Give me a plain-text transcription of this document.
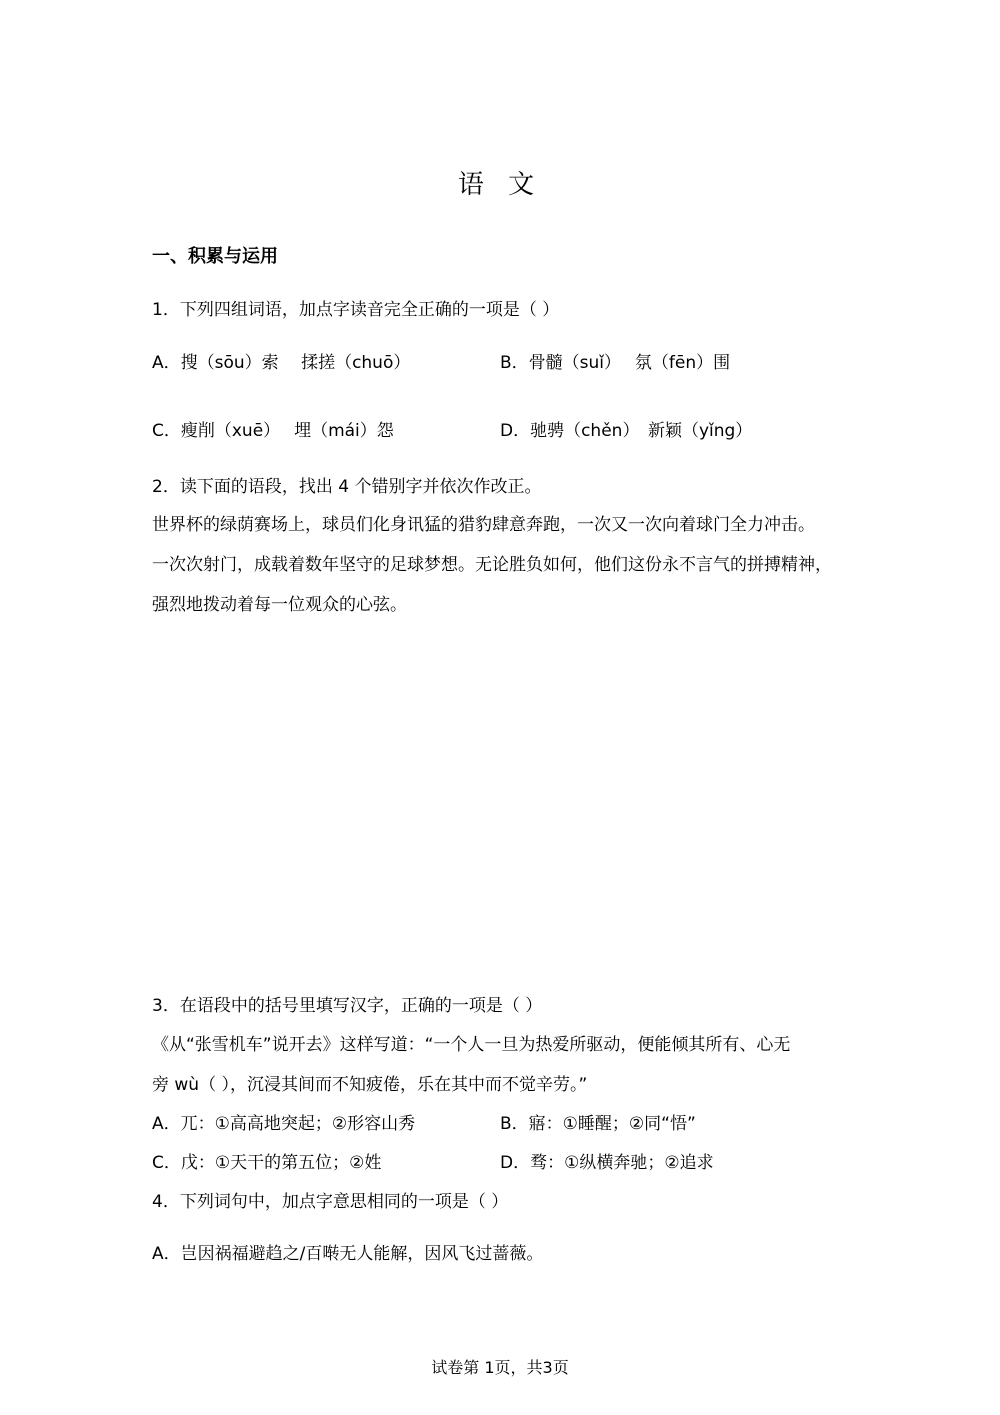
语 文
一、积累与运用
1．下列四组词语，加点字读音完全正确的一项是（ ）
A．搜（sōu）索　 揉搓（chuō）	B．骨髓（suǐ）　 氛（fēn）围
C．瘦削（xuē）　 埋（mái）怨	D．驰骋（chěn）　新颖（yǐng）
2．读下面的语段，找出 4 个错别字并依次作改正。
世界杯的绿荫赛场上，球员们化身讯猛的猎豹肆意奔跑，一次又一次向着球门全力冲击。
一次次射门，成载着数年坚守的足球梦想。无论胜负如何，他们这份永不言气的拼搏精神，
强烈地拨动着每一位观众的心弦。
3．在语段中的括号里填写汉字，正确的一项是（ ）
《从“张雪机车”说开去》这样写道：“一个人一旦为热爱所驱动，便能倾其所有、心无
旁 wù（ ），沉浸其间而不知疲倦，乐在其中而不觉辛劳。”
A．兀：①高高地突起；②形容山秀	B．寤：①睡醒；②同“悟”
C．戊：①天干的第五位；②姓	D．骛：①纵横奔驰；②追求
4．下列词句中，加点字意思相同的一项是（ ）
A．岂因祸福避趋之/百啭无人能解，因风飞过蔷薇。
试卷第 1页，共3页
